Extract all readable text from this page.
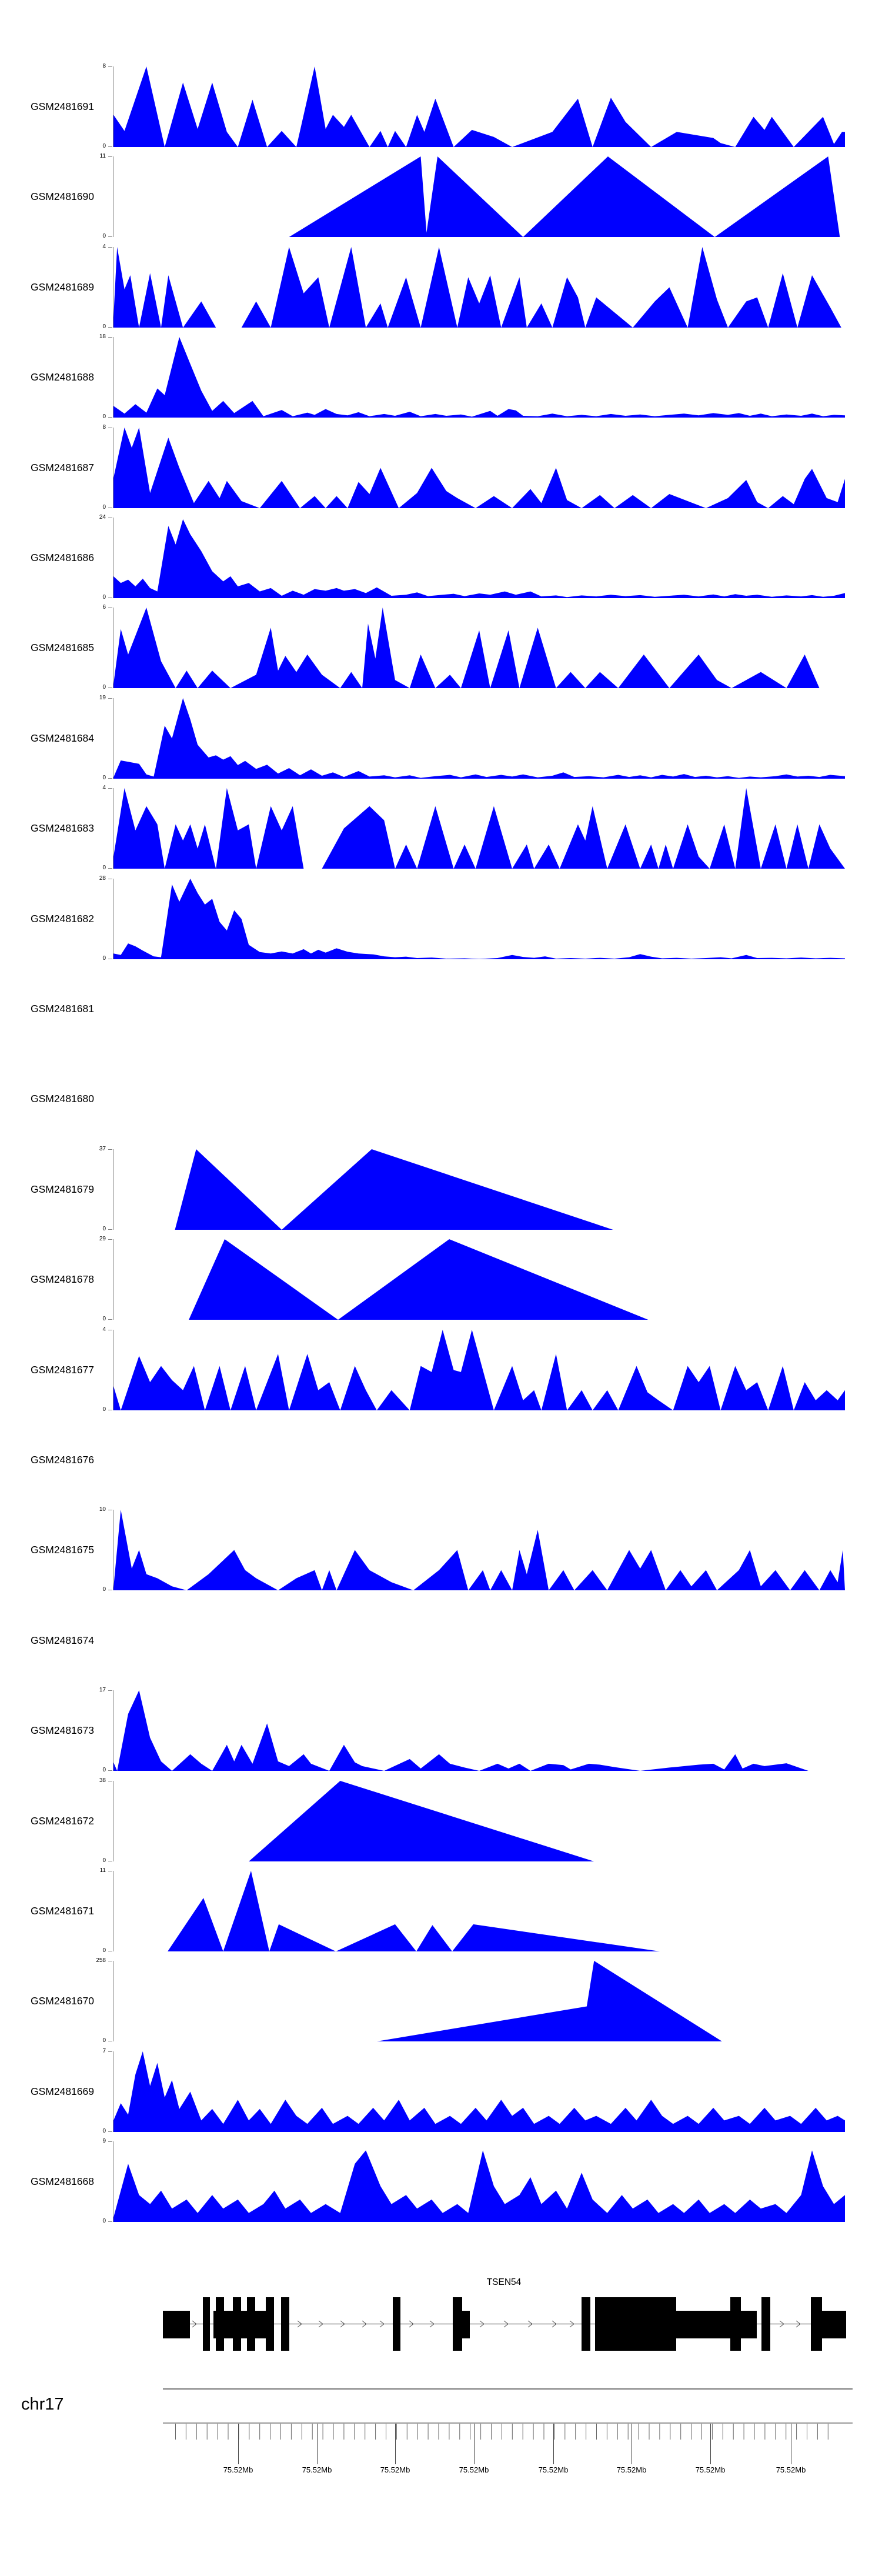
GSM2481691
8
0
GSM2481690
11
0
GSM2481689
4
0
GSM2481688
18
0
GSM2481687
8
0
GSM2481686
24
0
GSM2481685
6
0
GSM2481684
19
0
GSM2481683
4
0
GSM2481682
28
0
GSM2481681
GSM2481680
GSM2481679
37
0
GSM2481678
29
0
GSM2481677
4
0
GSM2481676
GSM2481675
10
0
GSM2481674
GSM2481673
17
0
GSM2481672
38
0
GSM2481671
11
0
GSM2481670
258
0
GSM2481669
7
0
GSM2481668
9
0
TSEN54
chr17
75.52Mb	75.52Mb	75.52Mb	75.52Mb	75.52Mb	75.52Mb	75.52Mb	75.52Mb
